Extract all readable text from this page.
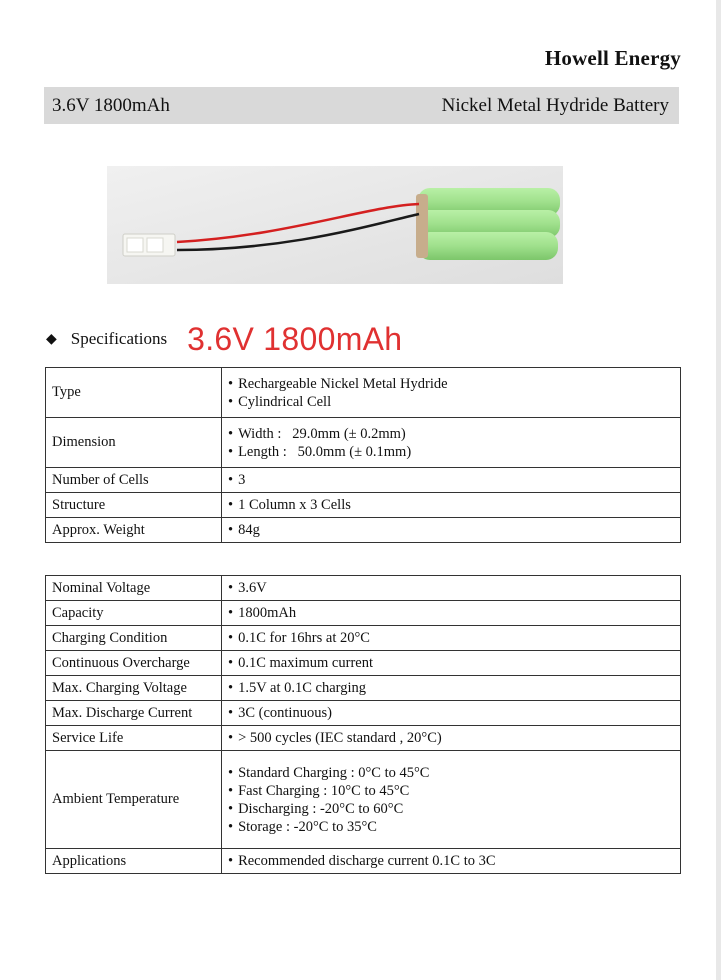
Howell Energy
3.6V 1800mAh	Nickel Metal Hydride Battery
◆ Specifications 3.6V 1800mAh
Type	• Rechargeable Nickel Metal Hydride
• Cylindrical Cell

Dimension	• Width :   29.0mm (± 0.2mm)
• Length :   50.0mm (± 0.1mm)

Number of Cells	• 3

Structure	• 1 Column x 3 Cells

Approx. Weight	• 84g
Nominal Voltage	• 3.6V

Capacity	• 1800mAh

Charging Condition	• 0.1C for 16hrs at 20°C

Continuous Overcharge	• 0.1C maximum current

Max. Charging Voltage	• 1.5V at 0.1C charging

Max. Discharge Current	• 3C (continuous)

Service Life	• > 500 cycles (IEC standard , 20°C)

Ambient Temperature	• Standard Charging : 0°C to 45°C
• Fast Charging : 10°C to 45°C
• Discharging : -20°C to 60°C
• Storage : -20°C to 35°C

Applications	• Recommended discharge current 0.1C to 3C
